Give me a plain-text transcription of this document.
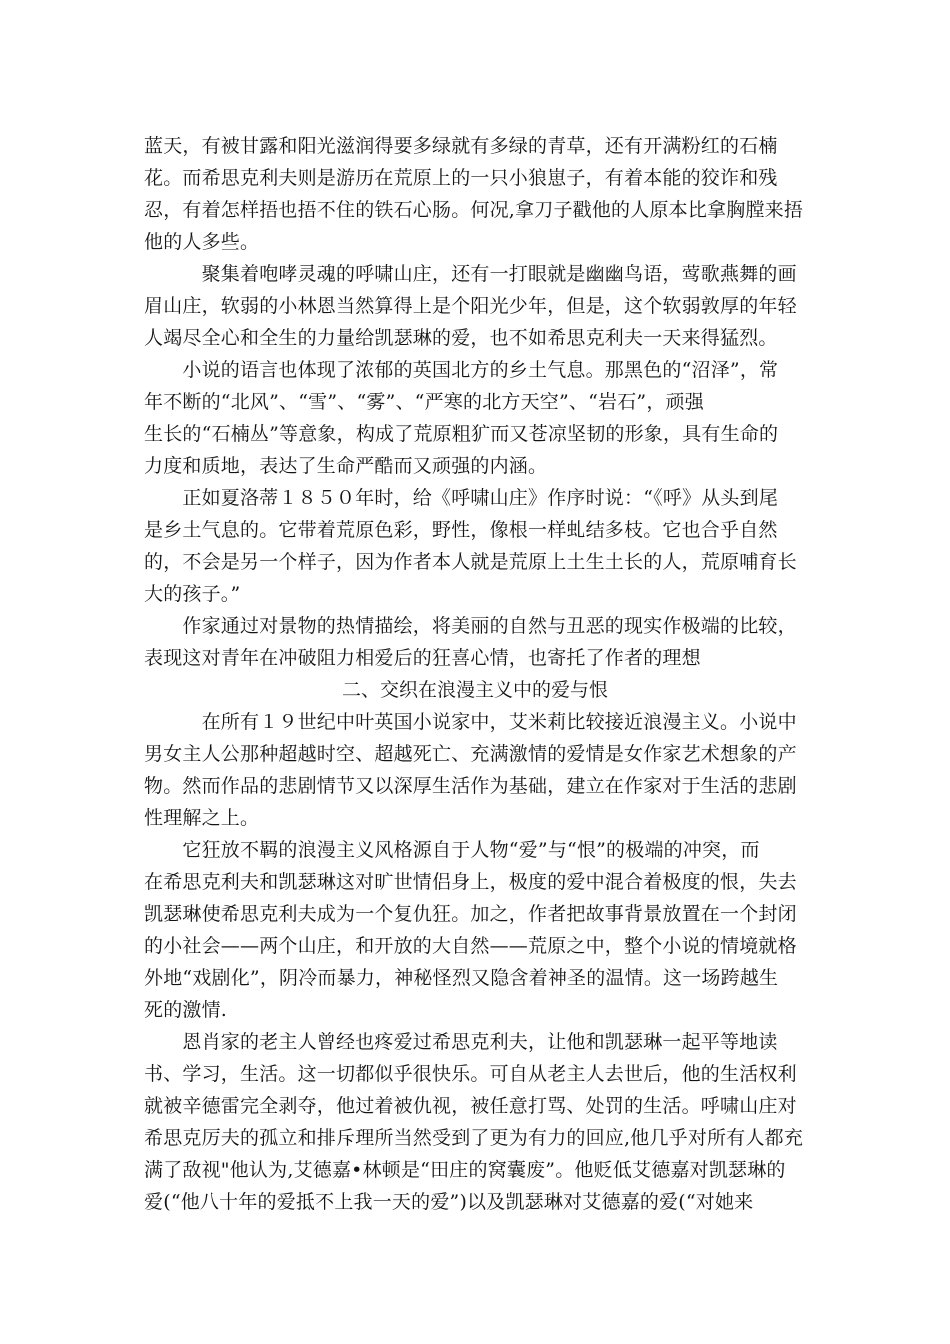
蓝天，有被甘露和阳光滋润得要多绿就有多绿的青草，还有开满粉红的石楠

花。而希思克利夫则是游历在荒原上的一只小狼崽子，有着本能的狡诈和残

忍，有着怎样捂也捂不住的铁石心肠。何况,拿刀子戳他的人原本比拿胸膛来捂

他的人多些。

　　　聚集着咆哮灵魂的呼啸山庄，还有一打眼就是幽幽鸟语，莺歌燕舞的画

眉山庄，软弱的小林恩当然算得上是个阳光少年，但是，这个软弱敦厚的年轻

人竭尽全心和全生的力量给凯瑟琳的爱，也不如希思克利夫一天来得猛烈。

　　小说的语言也体现了浓郁的英国北方的乡土气息。那黑色的“沼泽”，常

年不断的“北风”、“雪”、“雾”、“严寒的北方天空”、“岩石”，顽强

生长的“石楠丛”等意象，构成了荒原粗犷而又苍凉坚韧的形象，具有生命的

力度和质地，表达了生命严酷而又顽强的内涵。

　　正如夏洛蒂１８５０年时，给《呼啸山庄》作序时说：“《呼》从头到尾

是乡土气息的。它带着荒原色彩，野性，像根一样虬结多枝。它也合乎自然

的，不会是另一个样子，因为作者本人就是荒原上土生土长的人，荒原哺育长

大的孩子。”

　　作家通过对景物的热情描绘，将美丽的自然与丑恶的现实作极端的比较，

表现这对青年在冲破阻力相爱后的狂喜心情，也寄托了作者的理想

二、交织在浪漫主义中的爱与恨

　　　在所有１９世纪中叶英国小说家中，艾米莉比较接近浪漫主义。小说中

男女主人公那种超越时空、超越死亡、充满激情的爱情是女作家艺术想象的产

物。然而作品的悲剧情节又以深厚生活作为基础，建立在作家对于生活的悲剧

性理解之上。

　　它狂放不羁的浪漫主义风格源自于人物“爱”与“恨”的极端的冲突，而

在希思克利夫和凯瑟琳这对旷世情侣身上，极度的爱中混合着极度的恨，失去

凯瑟琳使希思克利夫成为一个复仇狂。加之，作者把故事背景放置在一个封闭

的小社会——两个山庄，和开放的大自然——荒原之中，整个小说的情境就格

外地“戏剧化”，阴冷而暴力，神秘怪烈又隐含着神圣的温情。这一场跨越生

死的激情.

　　恩肖家的老主人曾经也疼爱过希思克利夫，让他和凯瑟琳一起平等地读

书、学习，生活。这一切都似乎很快乐。可自从老主人去世后，他的生活权利

就被辛德雷完全剥夺，他过着被仇视，被任意打骂、处罚的生活。呼啸山庄对

希思克厉夫的孤立和排斥理所当然受到了更为有力的回应,他几乎对所有人都充

满了敌视"他认为,艾德嘉•林顿是“田庄的窝囊废”。他贬低艾德嘉对凯瑟琳的

爱(“他八十年的爱抵不上我一天的爱”)以及凯瑟琳对艾德嘉的爱(“对她来
